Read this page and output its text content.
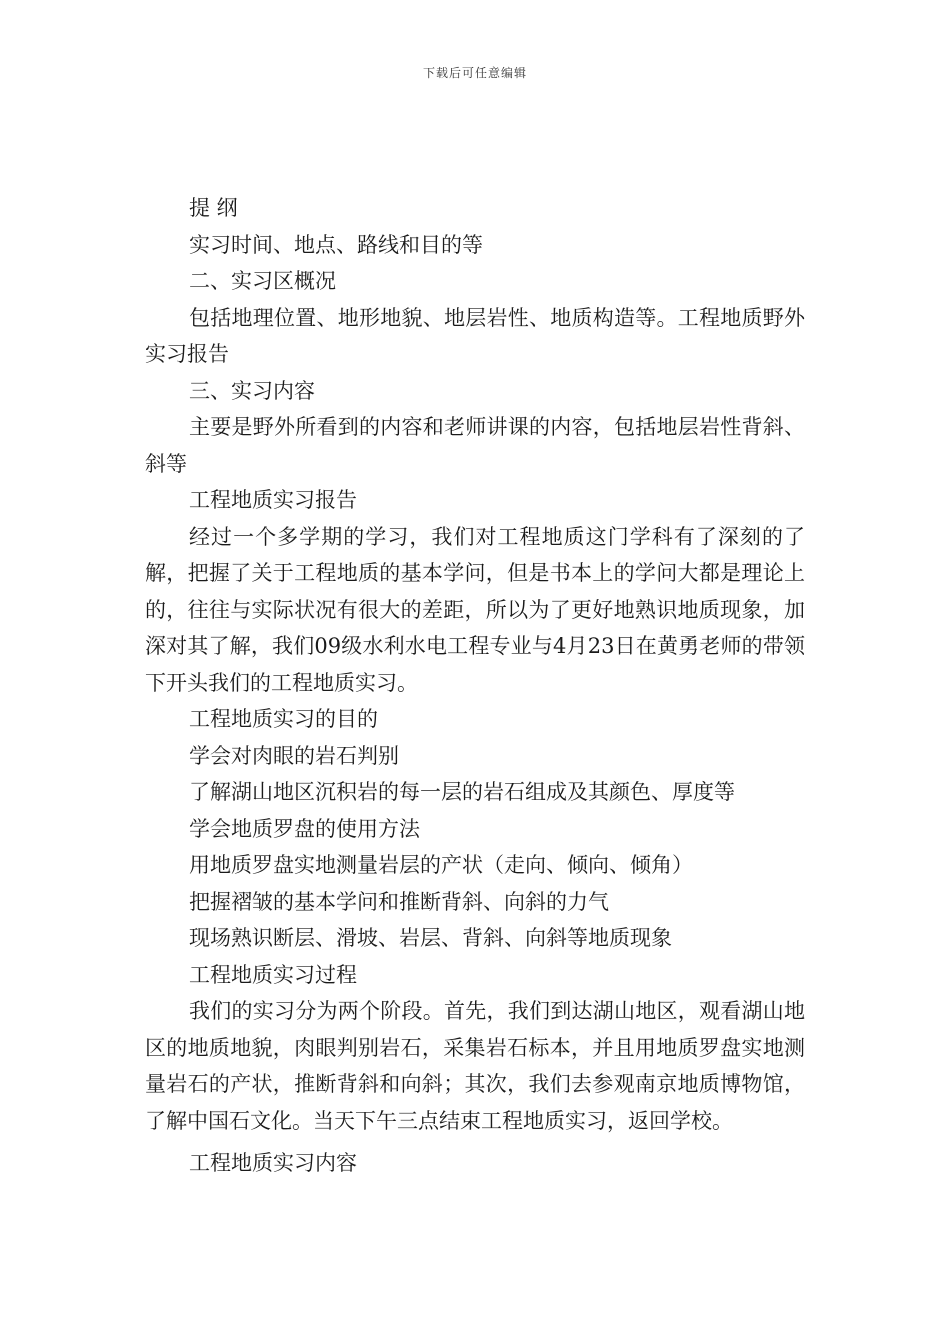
下载后可任意编辑

提 纲

实习时间、地点、路线和目的等

二、实习区概况

包括地理位置、地形地貌、地层岩性、地质构造等。工程地质野外实习报告

三、实习内容

主要是野外所看到的内容和老师讲课的内容，包括地层岩性背斜、斜等

工程地质实习报告

经过一个多学期的学习，我们对工程地质这门学科有了深刻的了解，把握了关于工程地质的基本学问，但是书本上的学问大都是理论上的，往往与实际状况有很大的差距，所以为了更好地熟识地质现象，加深对其了解，我们09级水利水电工程专业与4月23日在黄勇老师的带领下开头我们的工程地质实习。

工程地质实习的目的

学会对肉眼的岩石判别

了解湖山地区沉积岩的每一层的岩石组成及其颜色、厚度等

学会地质罗盘的使用方法

用地质罗盘实地测量岩层的产状（走向、倾向、倾角）

把握褶皱的基本学问和推断背斜、向斜的力气

现场熟识断层、滑坡、岩层、背斜、向斜等地质现象

工程地质实习过程

我们的实习分为两个阶段。首先，我们到达湖山地区，观看湖山地区的地质地貌，肉眼判别岩石，采集岩石标本，并且用地质罗盘实地测量岩石的产状，推断背斜和向斜；其次，我们去参观南京地质博物馆，了解中国石文化。当天下午三点结束工程地质实习，返回学校。

工程地质实习内容
